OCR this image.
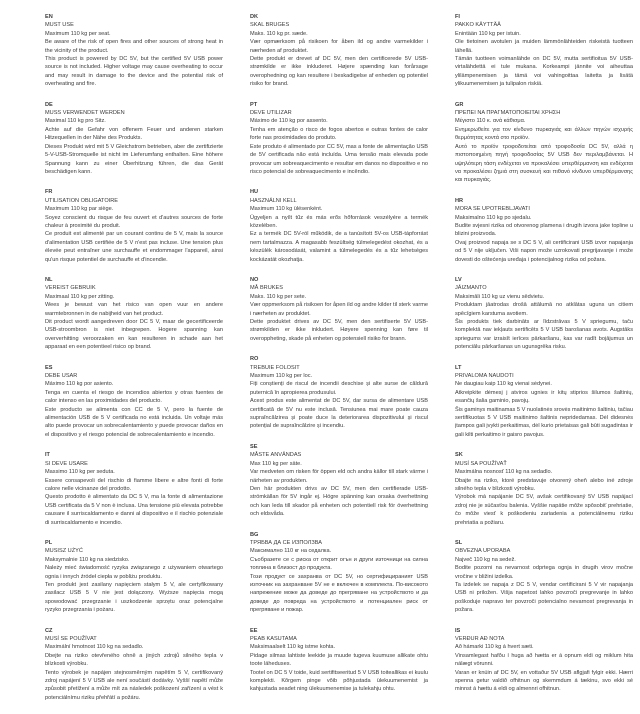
EN
MUST USE

Maximum 110 kg per seat.

Be aware of the risk of open fires and other sources of strong heat in the vicinity of the product.

This product is powered by DC 5V, but the certified 5V USB power source is not included. Higher voltage may cause overheating to occur and may result in damage to the device and the potential risk of overheating and fire.

DE
MUSS VERWENDET WERDEN

Maximal 110 kg pro Sitz.

Achte auf die Gefahr von offenem Feuer und anderen starken Hitzequellen in der Nähe des Produkts.

Dieses Produkt wird mit 5 V Gleichstrom betrieben, aber die zertifizierte 5-V-USB-Stromquelle ist nicht im Lieferumfang enthalten. Eine höhere Spannung kann zu einer Überhitzung führen, die das Gerät beschädigen kann.

FR
UTILISATION OBLIGATOIRE

Maximum 110 kg par siège.

Soyez conscient du risque de feu ouvert et d'autres sources de forte chaleur à proximité du produit.

Ce produit est alimenté par un courant continu de 5 V, mais la source d'alimentation USB certifiée de 5 V n'est pas incluse. Une tension plus élevée peut entraîner une surchauffe et endommager l'appareil, ainsi qu'un risque potentiel de surchauffe et d'incendie.

NL
VEREIST GEBRUIK

Maximaal 110 kg per zitting.

Wees je bewust van het risico van open vuur en andere warmtebronnen in de nabijheid van het product.

Dit product wordt aangedreven door DC 5 V, maar de gecertificeerde USB-stroombron is niet inbegrepen. Hogere spanning kan oververhitting veroorzaken en kan resulteren in schade aan het apparaat en een potentieel risico op brand.

ES
DEBE USAR

Máximo 110 kg por asiento.

Tenga en cuenta el riesgo de incendios abiertos y otras fuentes de calor intenso en las proximidades del producto.

Este producto se alimenta con CC de 5 V, pero la fuente de alimentación USB de 5 V certificada no está incluida. Un voltaje más alto puede provocar un sobrecalentamiento y puede provocar daños en el dispositivo y el riesgo potencial de sobrecalentamiento e incendio.

IT
SI DEVE USARE

Massimo 110 kg per seduta.

Essere consapevoli del rischio di fiamme libere e altre fonti di forte calore nelle vicinanze del prodotto.

Questo prodotto è alimentato da DC 5 V, ma la fonte di alimentazione USB certificata da 5 V non è inclusa. Una tensione più elevata potrebbe causare il surriscaldamento e danni al dispositivo e il rischio potenziale di surriscaldamento e incendio.

PL
MUSISZ UŻYĆ

Maksymalnie 110 kg na siedzisko.

Należy mieć świadomość ryzyka związanego z używaniem otwartego ognia i innych źródeł ciepła w pobliżu produktu.

Ten produkt jest zasilany napięciem stałym 5 V, ale certyfikowany zasilacz USB 5 V nie jest dołączony. Wyższe napięcia mogą spowodować przegrzanie i uszkodzenie sprzętu oraz potencjalne ryzyko przegrzania i pożaru.

CZ
MUSÍ SE POUŽÍVAT

Maximální hmotnost 110 kg na sedadlo.

Dbejte na riziko otevřeného ohně a jiných zdrojů silného tepla v blízkosti výrobku.

Tento výrobek je napájen stejnosměrným napětím 5 V, certifikovaný zdroj napájení 5 V USB ale není součástí dodávky. Vyšší napětí může způsobit přetížení a může mít za následek poškození zařízení a vést k potenciálnímu riziku přehřátí a požáru.

DK
SKAL BRUGES

Maks. 110 kg pr. sæde.

Vær opmærksom på risikoen for åben ild og andre varmekilder i nærheden af produktet.

Dette produkt er drevet af DC 5V, men den certificerede 5V USB-strømkilde er ikke inkluderet. Højere spænding kan forårsage overophedning og kan resultere i beskadigelse af enheden og potentiel risiko for brand.

PT
DEVE UTILIZAR

Máximo de 110 kg por assento.

Tenha em atenção o risco de fogos abertos e outras fontes de calor forte nas proximidades do produto.

Este produto é alimentado por CC 5V, mas a fonte de alimentação USB de 5V certificada não está incluída. Uma tensão mais elevada pode provocar um sobreaquecimento e resultar em danos no dispositivo e no risco potencial de sobreaquecimento e incêndio.

HU
HASZNÁLNI KELL

Maximum 110 kg ülésenként.

Ügyeljen a nyílt tűz és más erős hőforrások veszélyére a termék közelében.

Ez a termék DC 5V-ról működik, de a tanúsított 5V-os USB-tápforrást nem tartalmazza. A magasabb feszültség túlmelegedést okozhat, és a készülék károsodását, valamint a túlmelegedés és a tűz lehetséges kockázatát okozhatja.

NO
MÅ BRUKES

Maks. 110 kg per sete.

Vær oppmerksom på risikoen for åpen ild og andre kilder til sterk varme i nærheten av produktet.

Dette produktet drives av DC 5V, men den sertifiserte 5V USB-strømkilden er ikke inkludert. Høyere spenning kan føre til overoppheting, skade på enheten og potensiell risiko for brann.

RO
TREBUIE FOLOSIT

Maximum 110 kg per loc.

Fiți conștienți de riscul de incendii deschise și alte surse de căldură puternică în apropierea produsului.

Acest produs este alimentat de DC 5V, dar sursa de alimentare USB certificată de 5V nu este inclusă. Tensiunea mai mare poate cauza supraîncălzirea și poate duce la deteriorarea dispozitivului și riscul potențial de supraîncălzire și incendiu.

SE
MÅSTE ANVÄNDAS

Max 110 kg per säte.

Var medveten om risken för öppen eld och andra källor till stark värme i närheten av produkten.

Den här produkten drivs av DC 5V, men den certifierade USB-strömkällan för 5V ingår ej. Högre spänning kan orsaka överhettning och kan leda till skador på enheten och potentiell risk för överhettning och eldsvåda.

BG
ТРЯБВА ДА СЕ ИЗПОЛЗВА

Максимално 110 кг на седалка.

Съобразете се с риска от открит огън и други източници на силна топлина в близост до продукта.

Този продукт се захранва от DC 5V, но сертифицираният USB източник на захранване 5V не е включен в комплекта. По-високото напрежение може да доведе до прегряване на устройството и да доведе до повреда на устройството и потенциален риск от прегряване и пожар.

EE
PEAB KASUTAMA

Maksimaalselt 110 kg istme kohta.

Pidage silmas lahtiste leekide ja muude tugeva kuumuse allikate ohtu toote läheduses.

Tootel on DC 5 V toide, kuid sertifitseeritud 5 V USB toiteallikas ei kuulu komplekti. Kõrgem pinge võib põhjustada ülekuumenemist ja kahjustada seadet ning ülekuumenemise ja tulekahju ohtu.

FI
PAKKO KÄYTTÄÄ

Enintään 110 kg per istuin.

Ole tietoinen avotulen ja muiden lämmönlähteiden riskeistä tuotteen lähellä.

Tämän tuotteen voimanlähde on DC 5V, mutta sertifioitua 5V USB-virtalähdettä ei tule mukana. Korkeampi jännite voi aiheuttaa ylilämpenemisen ja tämä voi vahingoittaa laitetta ja lisätä ylikuumenemisen ja tulipalon riskiä.

GR
ΠΡΕΠΕΙ ΝΑ ΠΡΑΓΜΑΤΟΠΟΙΕΙΤΑΙ ΧΡΗΣΗ

Μέγιστο 110 κ. ανά κάθισμα.

Ενημερωθείτε για τον κίνδυνο πυρκαγιάς και άλλων πηγών ισχυρής θερμότητας κοντά στο προϊόν.

Αυτό το προϊόν τροφοδοτείται από τροφοδοσία DC 5V, αλλά η πιστοποιημένη πηγή τροφοδοσίας 5V USB δεν περιλαμβάνεται. Η υψηλότερη τάση ενδέχεται να προκαλέσει υπερθέρμανση και ενδέχεται να προκαλέσει ζημιά στη συσκευή και πιθανό κίνδυνο υπερθέρμανσης και πυρκαγιάς.

HR
MORA SE UPOTREBLJAVATI

Maksimalno 110 kg po sjedalu.

Budite svjesni rizika od otvorenog plamena i drugih izvora jake topline u blizini proizvoda.

Ovaj proizvod napaja se s DC 5 V, ali certificirani USB izvor napajanja od 5 V nije uključen. Viši napon može uzrokovati pregrijavanje i može dovesti do oštećenja uređaja i potencijalnog rizika od požara.

LV
JĀIZMANTO

Maksimāli 110 kg uz vienu sēdvietu.

Produktam jāatrodas drošā attālumā no atklātas uguns un citiem spēcīgiem karstuma avotiem.

Šis produkts tiek darbināts ar līdzstrāvas 5 V spriegumu, taču komplektā nav iekļauts sertificēts 5 V USB barošanas avots. Augstāks spriegums var izraisīt ierīces pārkaršanu, kas var radīt bojājumus un potenciālu pārkaršanas un ugunsgrēka risku.

LT
PRIVALOMA NAUDOTI

Ne daugiau kaip 110 kg vienai sėdynei.

Atkreipkite dėmesį į atviros ugnies ir kitų stiprios šilumos šaltinių, esančių šalia gaminio, pavojų.

Šis gaminys maitinamas 5 V nuolatinės srovės maitinimo šaltiniu, tačiau sertifikuotas 5 V USB maitinimo šaltinis nepridedamas. Dėl didesnės įtampos gali įvykti perkaitimas, dėl kurio prietaisas gali būti sugadintas ir gali kilti perkaitimo ir gaisro pavojus.

SK
MUSÍ SA POUŽÍVAŤ

Maximálna nosnosť 110 kg na sedadlo.

Dbajte na riziko, ktoré predstavuje otvorený oheň alebo iné zdroje silného tepla v blízkosti výrobku.

Výrobok má napájanie DC 5V, avšak certifikovaný 5V USB napájací zdroj nie je súčasťou balenia. Vyššie napätie môže spôsobiť prehriatie, čo môže viesť k poškodeniu zariadenia a potenciálnemu riziku prehriatia a požiaru.

SL
OBVEZNA UPORABA

Največ 110 kg na sedež.

Bodite pozorni na nevarnost odprtega ognja in drugih virov močne vročine v bližini izdelka.

Ta izdelek se napaja z DC 5 V, vendar certificirani 5 V vir napajanja USB ni priložen. Višja napetost lahko povzroči pregrevanje in lahko poškoduje napravo ter povzroči potencialno nevarnost pregrevanja in požara.

IS
VERÐUR AÐ NOTA

Að hámarki 110 kg á hvert sæti.

Vinsamlegast hafðu í huga að hætta er á opnum eldi og miklum hita nálægt vörunni.

Varan er knúin af DC 5V, en vottaður 5V USB aflgjafi fylgir ekki. Hærri spenna getur valdið ofhitnun og skemmdum á tækinu, svo ekki sé minnst á hættu á eldi og almennri ofhitnun.
